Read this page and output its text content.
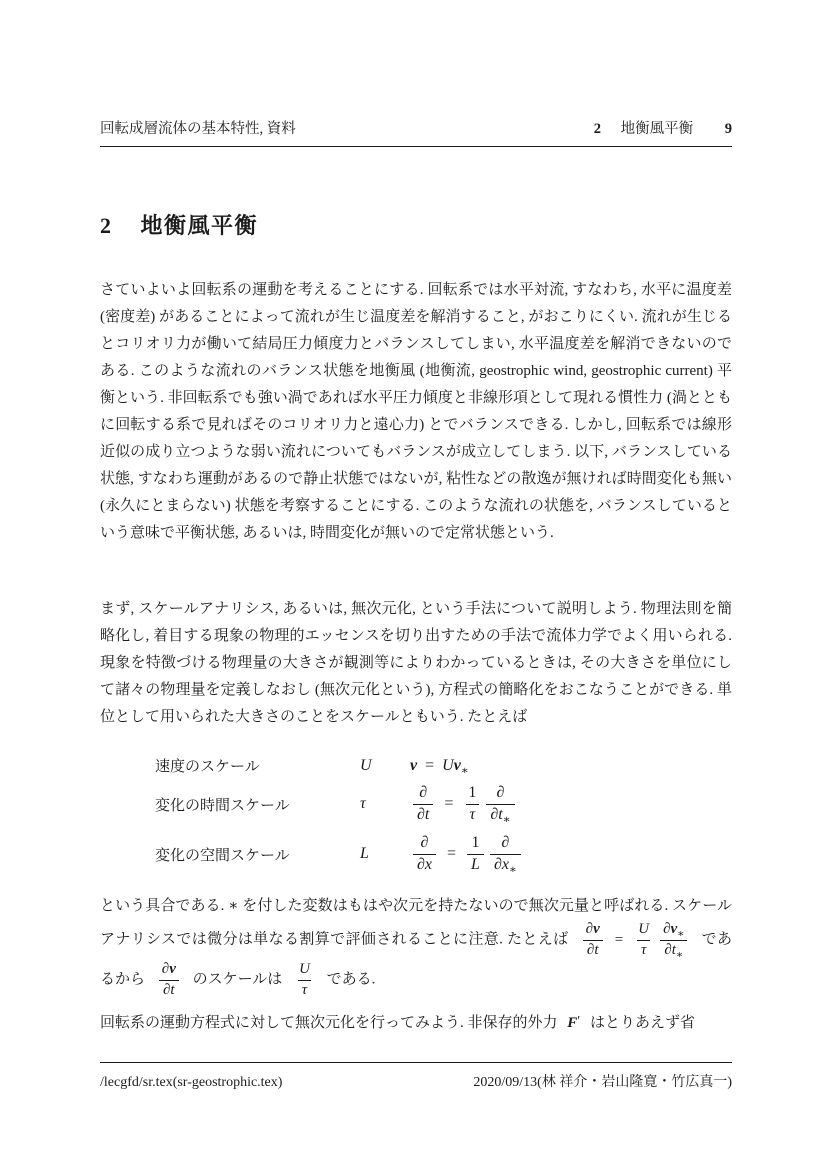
回転成層流体の基本特性, 資料	2 地衡風平衡 9
2 地衡風平衡

さていよいよ回転系の運動を考えることにする. 回転系では水平対流, すなわち, 水平に温度差 (密度差) があることによって流れが生じ温度差を解消すること, がおこりにくい. 流れが生じるとコリオリ力が働いて結局圧力傾度力とバランスしてしまい, 水平温度差を解消できないのである. このような流れのバランス状態を地衡風 (地衡流, geostrophic wind, geostrophic current) 平衡という. 非回転系でも強い渦であれば水平圧力傾度と非線形項として現れる慣性力 (渦とともに回転する系で見ればそのコリオリ力と遠心力) とでバランスできる. しかし, 回転系では線形近似の成り立つような弱い流れについてもバランスが成立してしまう. 以下, バランスしている状態, すなわち運動があるので静止状態ではないが, 粘性などの散逸が無ければ時間変化も無い (永久にとまらない) 状態を考察することにする. このような流れの状態を, バランスしているという意味で平衡状態, あるいは, 時間変化が無いので定常状態という.

まず, スケールアナリシス, あるいは, 無次元化, という手法について説明しよう. 物理法則を簡略化し, 着目する現象の物理的エッセンスを切り出すための手法で流体力学でよく用いられる. 現象を特徴づける物理量の大きさが観測等によりわかっているときは, その大きさを単位にして諸々の物理量を定義しなおし (無次元化という), 方程式の簡略化をおこなうことができる. 単位として用いられた大きさのことをスケールともいう. たとえば

速度のスケール	U	$v = Uv_∗$
変化の時間スケール	τ	$\frac{\partial}{\partial t} = \frac{1}{\tau} \frac{\partial}{\partial t_∗}$
変化の空間スケール	L	$\frac{\partial}{\partial x} = \frac{1}{L} \frac{\partial}{\partial x_∗}$

という具合である. ∗ を付した変数はもはや次元を持たないので無次元量と呼ばれる. スケールアナリシスでは微分は単なる割算で評価されることに注意. たとえば $\frac{\partial v}{\partial t} = \frac{U}{\tau} \frac{\partial v_∗}{\partial t_∗}$ であるから $\frac{\partial v}{\partial t}$ のスケールは $\frac{U}{\tau}$ である.

回転系の運動方程式に対して無次元化を行ってみよう. 非保存的外力 F′ はとりあえず省

/lecgfd/sr.tex(sr-geostrophic.tex)	2020/09/13(林 祥介・岩山隆寛・竹広真一)
